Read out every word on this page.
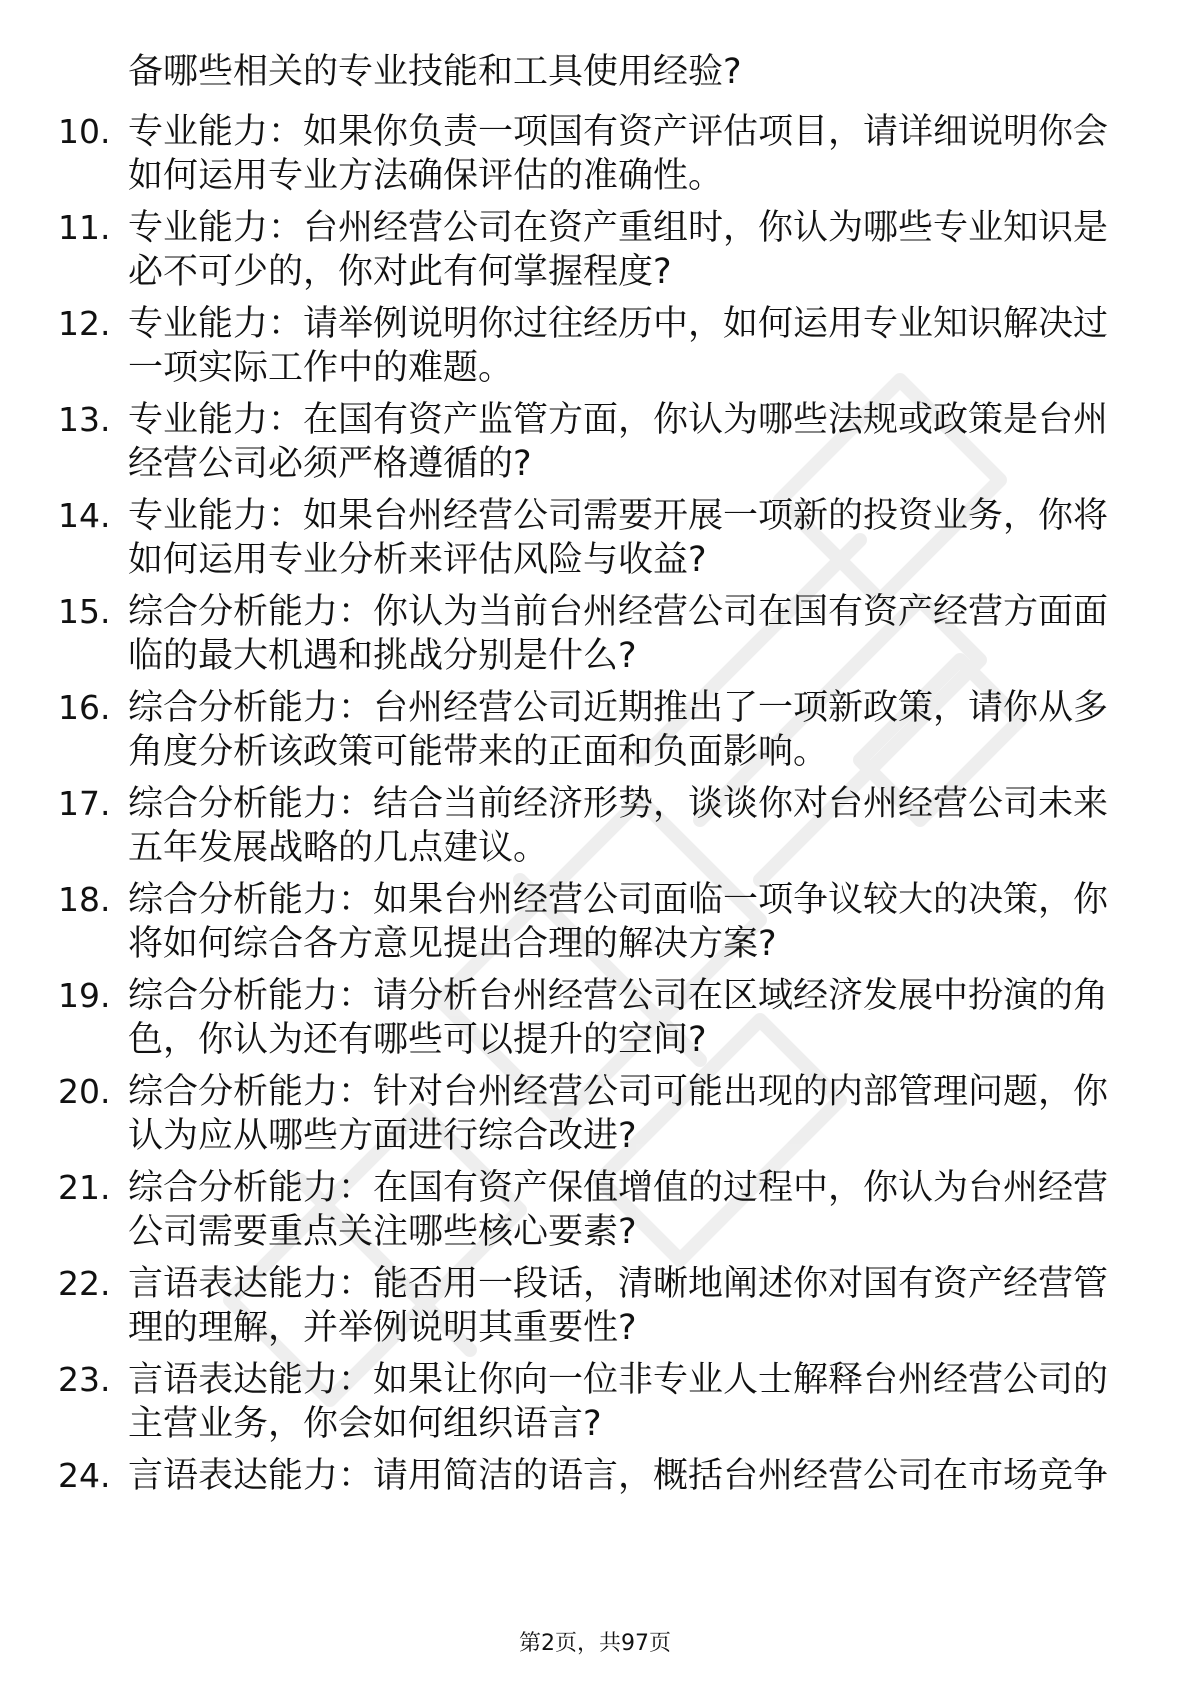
备哪些相关的专业技能和工具使用经验?
10. 专业能力：如果你负责一项国有资产评估项目，请详细说明你会
如何运用专业方法确保评估的准确性。
11. 专业能力：台州经营公司在资产重组时，你认为哪些专业知识是
必不可少的，你对此有何掌握程度?
12. 专业能力：请举例说明你过往经历中，如何运用专业知识解决过
一项实际工作中的难题。
13. 专业能力：在国有资产监管方面，你认为哪些法规或政策是台州
经营公司必须严格遵循的?
14. 专业能力：如果台州经营公司需要开展一项新的投资业务，你将
如何运用专业分析来评估风险与收益?
15. 综合分析能力：你认为当前台州经营公司在国有资产经营方面面
临的最大机遇和挑战分别是什么?
16. 综合分析能力：台州经营公司近期推出了一项新政策，请你从多
角度分析该政策可能带来的正面和负面影响。
17. 综合分析能力：结合当前经济形势，谈谈你对台州经营公司未来
五年发展战略的几点建议。
18. 综合分析能力：如果台州经营公司面临一项争议较大的决策，你
将如何综合各方意见提出合理的解决方案?
19. 综合分析能力：请分析台州经营公司在区域经济发展中扮演的角
色，你认为还有哪些可以提升的空间?
20. 综合分析能力：针对台州经营公司可能出现的内部管理问题，你
认为应从哪些方面进行综合改进?
21. 综合分析能力：在国有资产保值增值的过程中，你认为台州经营
公司需要重点关注哪些核心要素?
22. 言语表达能力：能否用一段话，清晰地阐述你对国有资产经营管
理的理解，并举例说明其重要性?
23. 言语表达能力：如果让你向一位非专业人士解释台州经营公司的
主营业务，你会如何组织语言?
24. 言语表达能力：请用简洁的语言，概括台州经营公司在市场竞争
第2页，共97页
